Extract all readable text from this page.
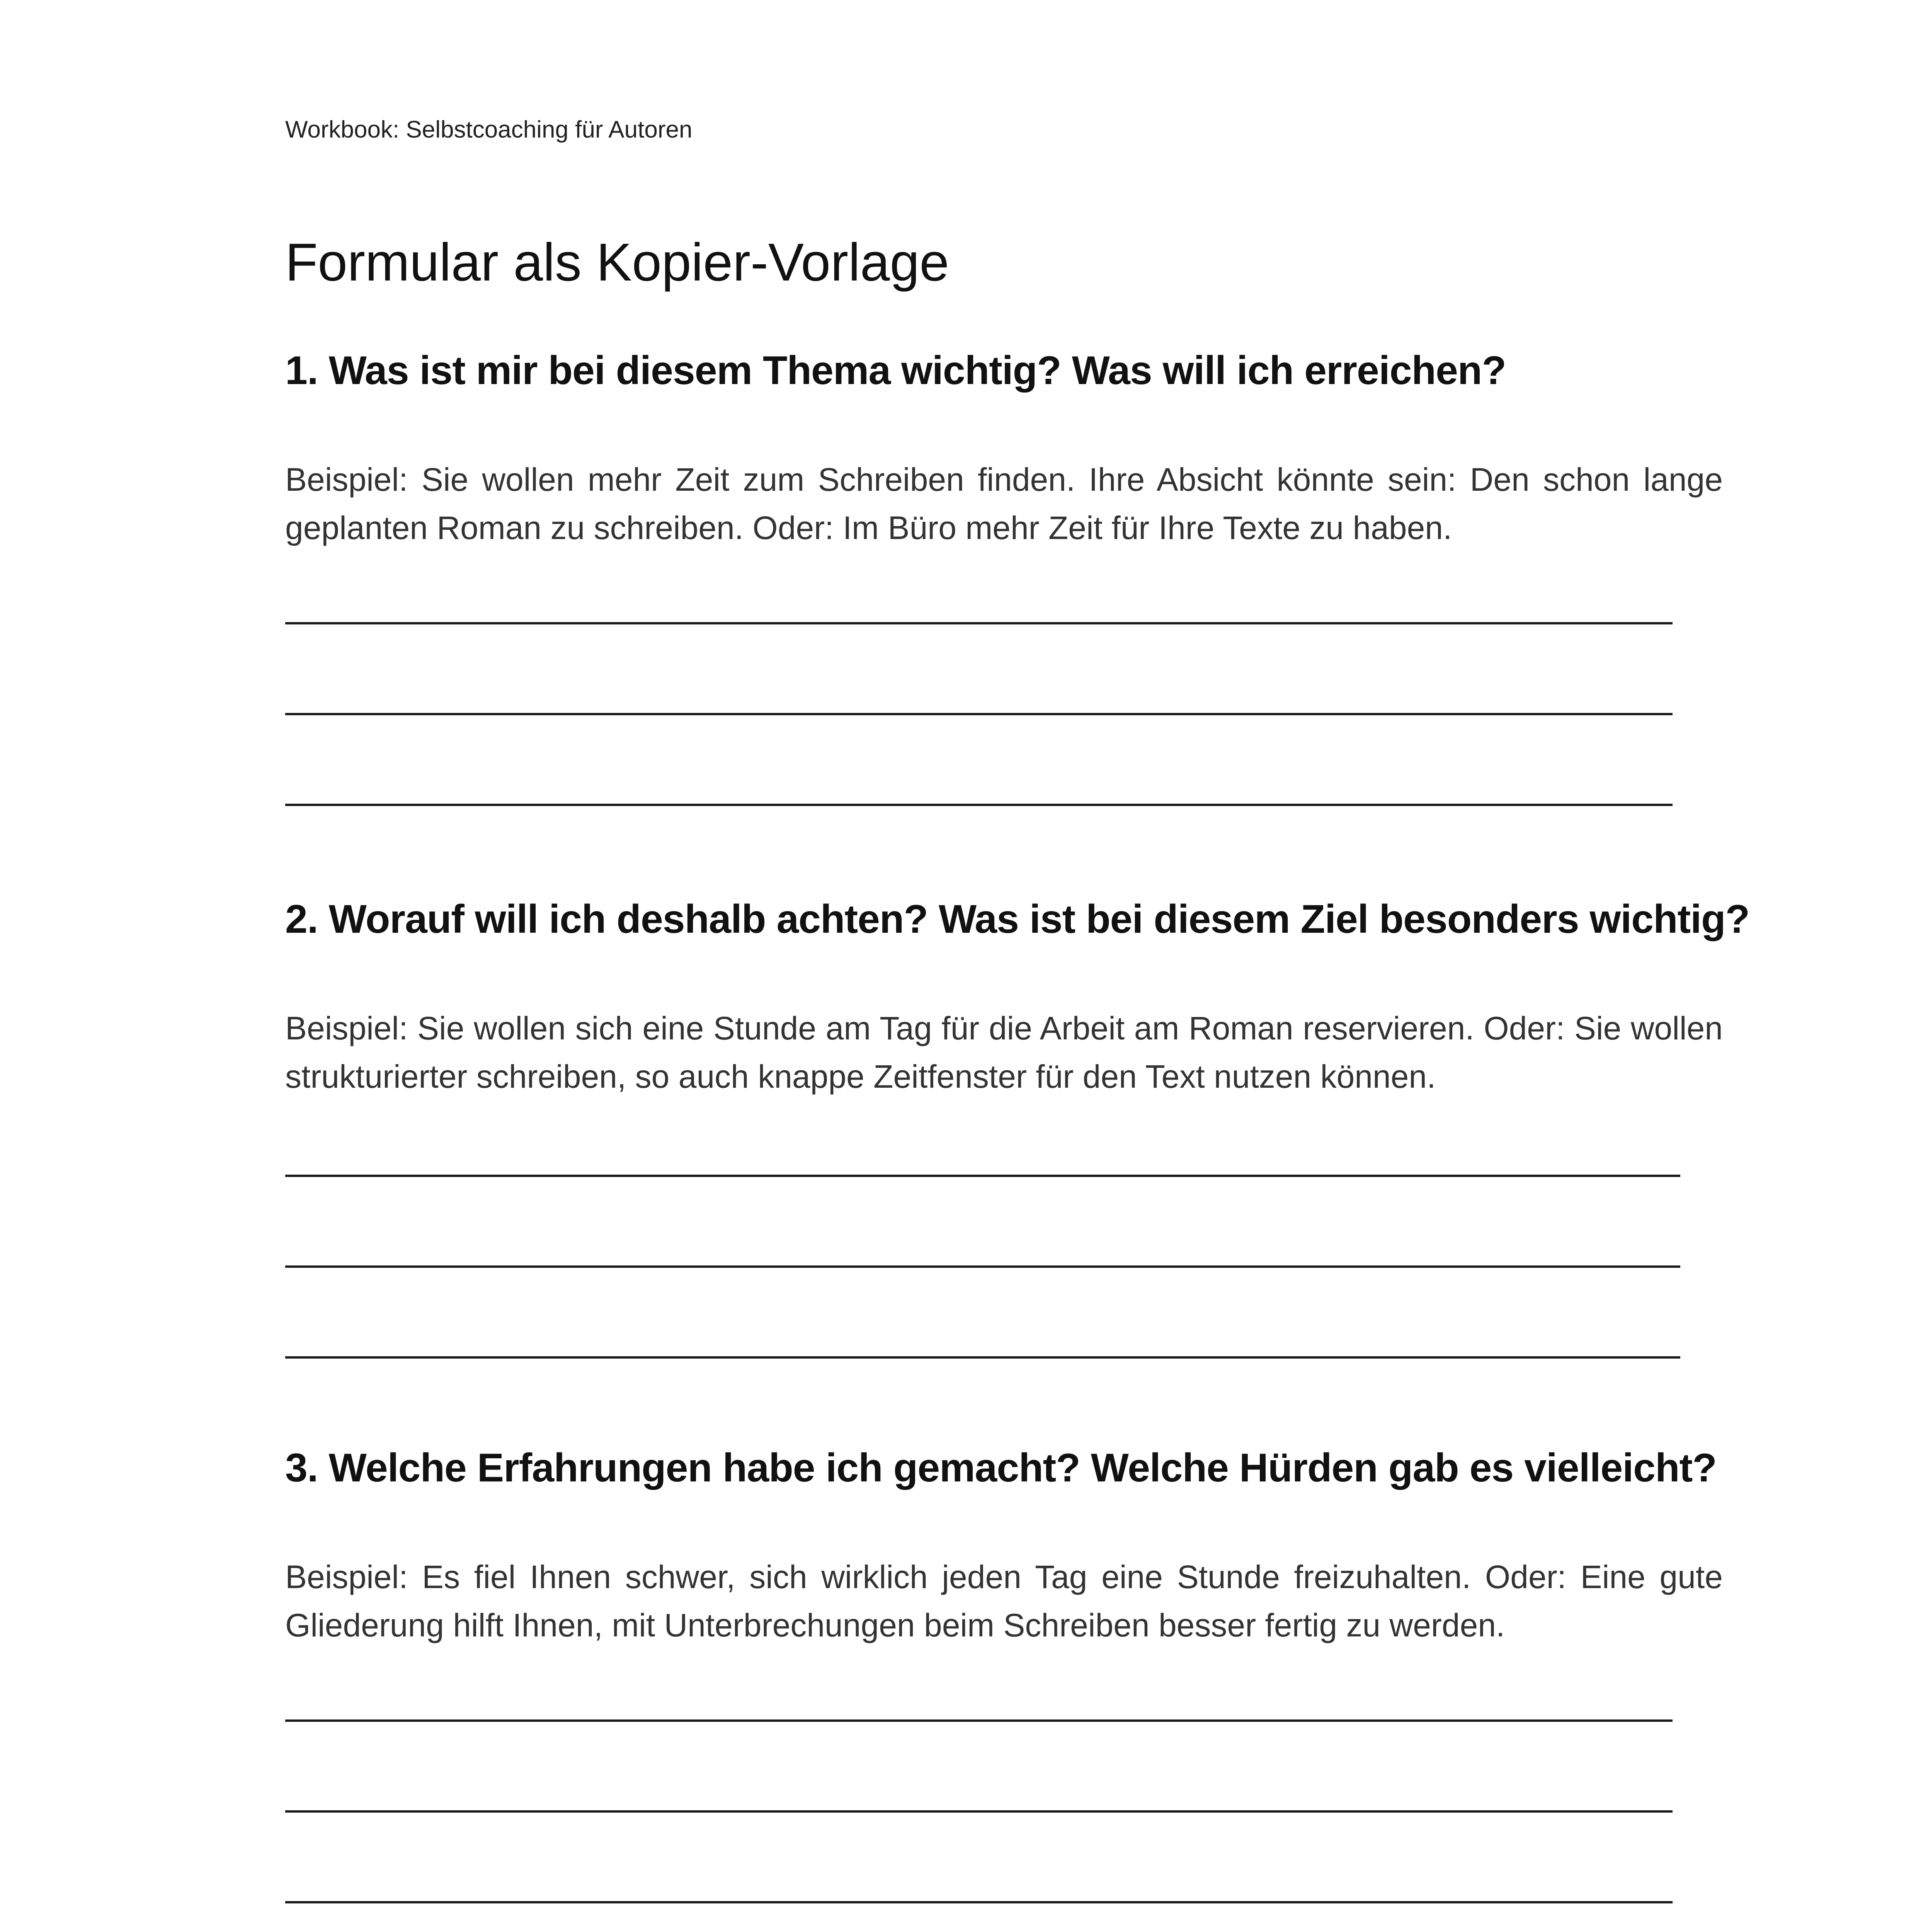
Workbook: Selbstcoaching für Autoren
Formular als Kopier-Vorlage
1. Was ist mir bei diesem Thema wichtig? Was will ich erreichen?

Beispiel: Sie wollen mehr Zeit zum Schreiben finden. Ihre Absicht könnte sein: Den schon lange geplanten Roman zu schreiben. Oder: Im Büro mehr Zeit für Ihre Texte zu haben.

2. Worauf will ich deshalb achten? Was ist bei diesem Ziel besonders wichtig?

Beispiel: Sie wollen sich eine Stunde am Tag für die Arbeit am Roman reservieren. Oder: Sie wollen strukturierter schreiben, so auch knappe Zeitfenster für den Text nutzen können.

3. Welche Erfahrungen habe ich gemacht? Welche Hürden gab es vielleicht?

Beispiel: Es fiel Ihnen schwer, sich wirklich jeden Tag eine Stunde freizuhalten. Oder: Eine gute Gliederung hilft Ihnen, mit Unterbrechungen beim Schreiben besser fertig zu werden.
